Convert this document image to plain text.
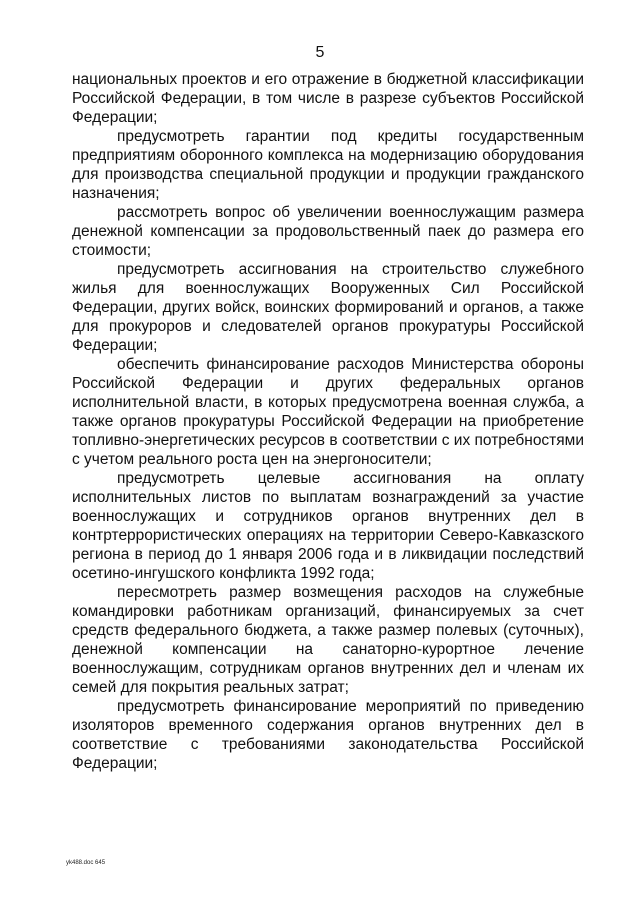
5

национальных проектов и его отражение в бюджетной классификации Российской Федерации, в том числе в разрезе субъектов Российской Федерации;

предусмотреть гарантии под кредиты государственным предприятиям оборонного комплекса на модернизацию оборудования для производства специальной продукции и продукции гражданского назначения;

рассмотреть вопрос об увеличении военнослужащим размера денежной компенсации за продовольственный паек до размера его стоимости;

предусмотреть ассигнования на строительство служебного жилья для военнослужащих Вооруженных Сил Российской Федерации, других войск, воинских формирований и органов, а также для прокуроров и следователей органов прокуратуры Российской Федерации;

обеспечить финансирование расходов Министерства обороны Российской Федерации и других федеральных органов исполнительной власти, в которых предусмотрена военная служба, а также органов прокуратуры Российской Федерации на приобретение топливно-энергетических ресурсов в соответствии с их потребностями с учетом реального роста цен на энергоносители;

предусмотреть целевые ассигнования на оплату исполнительных листов по выплатам вознаграждений за участие военнослужащих и сотрудников органов внутренних дел в контртеррористических операциях на территории Северо-Кавказского региона в период до 1 января 2006 года и в ликвидации последствий осетино-ингушского конфликта 1992 года;

пересмотреть размер возмещения расходов на служебные командировки работникам организаций, финансируемых за счет средств федерального бюджета, а также размер полевых (суточных), денежной компенсации на санаторно-курортное лечение военнослужащим, сотрудникам органов внутренних дел и членам их семей для покрытия реальных затрат;

предусмотреть финансирование мероприятий по приведению изоляторов временного содержания органов внутренних дел в соответствие с требованиями законодательства Российской Федерации;

yk488.doc 645
